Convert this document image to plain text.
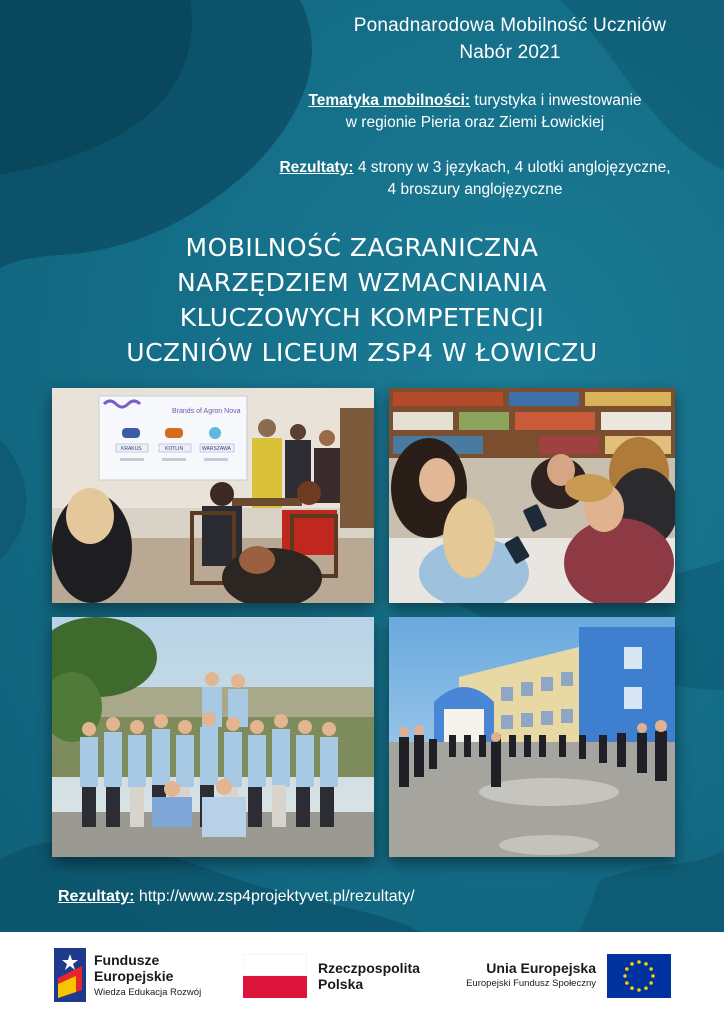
Ponadnarodowa Mobilność Uczniów
Nabór 2021
Tematyka mobilności: turystyka i inwestowanie
w regionie Pieria oraz Ziemi Łowickiej
Rezultaty: 4 strony w 3 językach, 4 ulotki anglojęzyczne,
4 broszury anglojęzyczne
MOBILNOŚĆ ZAGRANICZNA
NARZĘDZIEM WZMACNIANIA
KLUCZOWYCH KOMPETENCJI
UCZNIÓW LICEUM ZSP4 W ŁOWICZU
Brands of Agron Nova
KRAKUS	KOTLIN	WARSZAWA
Rezultaty: http://www.zsp4projektyvet.pl/rezultaty/
Fundusze
Europejskie
Wiedza Edukacja Rozwój
Rzeczpospolita
Polska
Unia Europejska
Europejski Fundusz Społeczny
